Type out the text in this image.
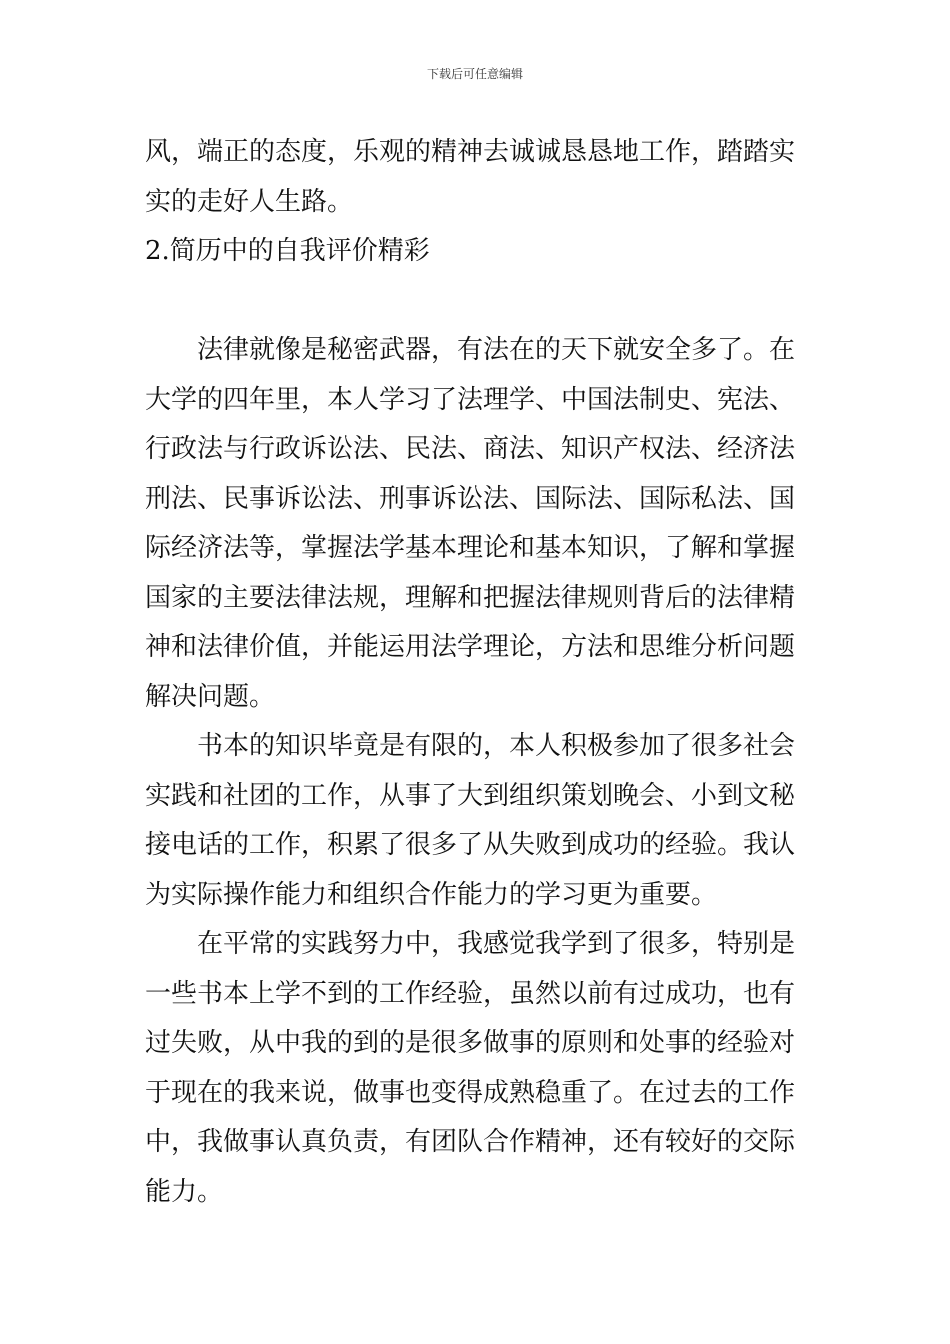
下载后可任意编辑
风，端正的态度，乐观的精神去诚诚恳恳地工作，踏踏实
实的走好人生路。
2.简历中的自我评价精彩
法律就像是秘密武器，有法在的天下就安全多了。在
大学的四年里，本人学习了法理学、中国法制史、宪法、
行政法与行政诉讼法、民法、商法、知识产权法、经济法
刑法、民事诉讼法、刑事诉讼法、国际法、国际私法、国
际经济法等，掌握法学基本理论和基本知识，了解和掌握
国家的主要法律法规，理解和把握法律规则背后的法律精
神和法律价值，并能运用法学理论，方法和思维分析问题
解决问题。
书本的知识毕竟是有限的，本人积极参加了很多社会
实践和社团的工作，从事了大到组织策划晚会、小到文秘
接电话的工作，积累了很多了从失败到成功的经验。我认
为实际操作能力和组织合作能力的学习更为重要。
在平常的实践努力中，我感觉我学到了很多，特别是
一些书本上学不到的工作经验，虽然以前有过成功，也有
过失败，从中我的到的是很多做事的原则和处事的经验对
于现在的我来说，做事也变得成熟稳重了。在过去的工作
中，我做事认真负责，有团队合作精神，还有较好的交际
能力。
